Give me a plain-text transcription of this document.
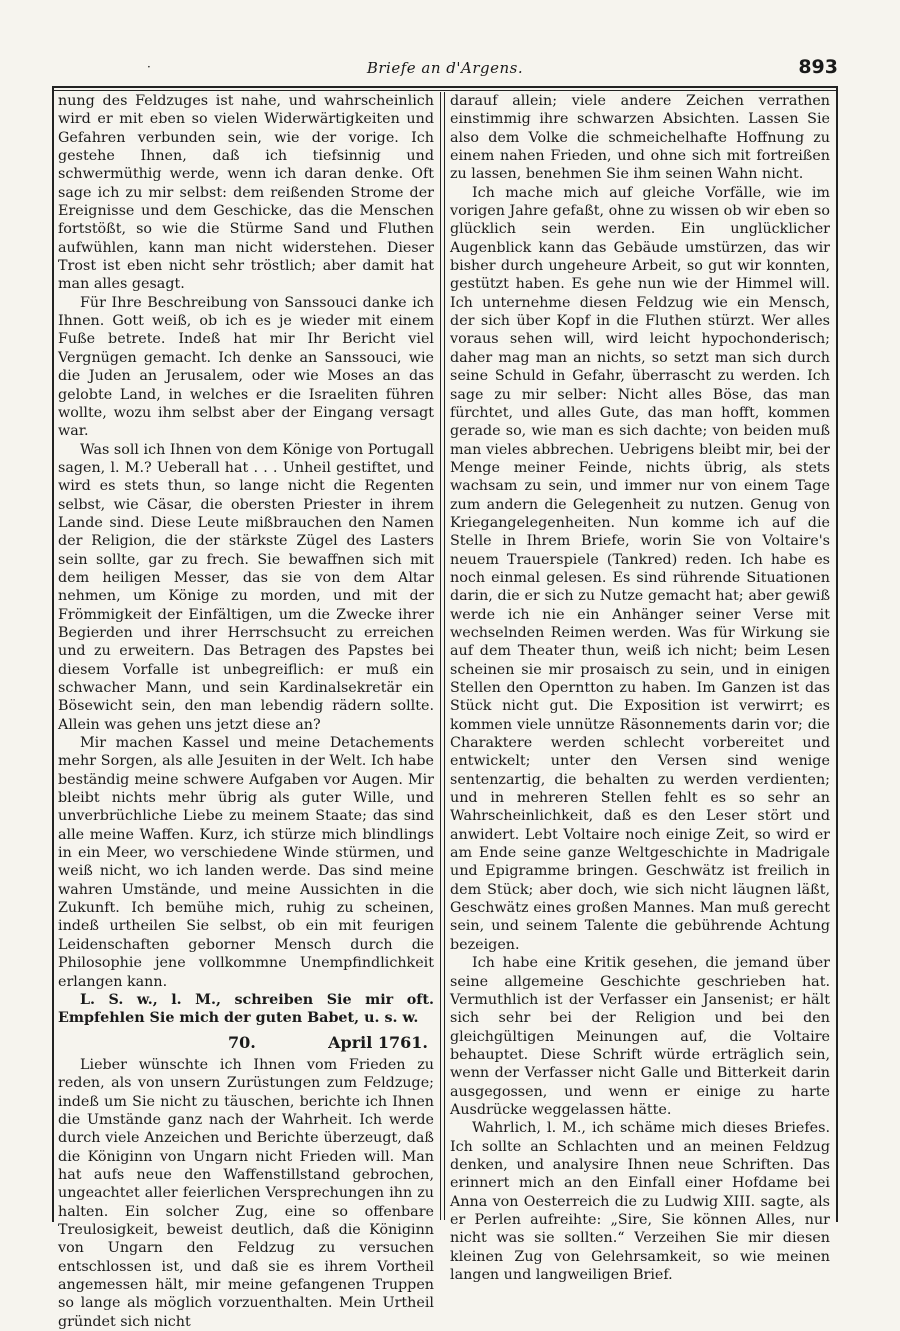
·	Briefe an d'Argens.	893

nung des Feldzuges ist nahe, und wahrscheinlich wird er mit eben so vielen Widerwärtigkeiten und Gefahren verbunden sein, wie der vorige. Ich gestehe Ihnen, daß ich tiefsinnig und schwermüthig werde, wenn ich daran denke. Oft sage ich zu mir selbst: dem reißenden Strome der Ereignisse und dem Geschicke, das die Menschen fortstößt, so wie die Stürme Sand und Fluthen aufwühlen, kann man nicht widerstehen. Dieser Trost ist eben nicht sehr tröstlich; aber damit hat man alles gesagt.

Für Ihre Beschreibung von Sanssouci danke ich Ihnen. Gott weiß, ob ich es je wieder mit einem Fuße betrete. Indeß hat mir Ihr Bericht viel Vergnügen gemacht. Ich denke an Sanssouci, wie die Juden an Jerusalem, oder wie Moses an das gelobte Land, in welches er die Israeliten führen wollte, wozu ihm selbst aber der Eingang versagt war.

Was soll ich Ihnen von dem Könige von Portugall sagen, l. M.? Ueberall hat . . . Unheil gestiftet, und wird es stets thun, so lange nicht die Regenten selbst, wie Cäsar, die obersten Priester in ihrem Lande sind. Diese Leute mißbrauchen den Namen der Religion, die der stärkste Zügel des Lasters sein sollte, gar zu frech. Sie bewaffnen sich mit dem heiligen Messer, das sie von dem Altar nehmen, um Könige zu morden, und mit der Frömmigkeit der Einfältigen, um die Zwecke ihrer Begierden und ihrer Herrschsucht zu erreichen und zu erweitern. Das Betragen des Papstes bei diesem Vorfalle ist unbegreiflich: er muß ein schwacher Mann, und sein Kardinalsekretär ein Bösewicht sein, den man lebendig rädern sollte. Allein was gehen uns jetzt diese an?

Mir machen Kassel und meine Detachements mehr Sorgen, als alle Jesuiten in der Welt. Ich habe beständig meine schwere Aufgaben vor Augen. Mir bleibt nichts mehr übrig als guter Wille, und unverbrüchliche Liebe zu meinem Staate; das sind alle meine Waffen. Kurz, ich stürze mich blindlings in ein Meer, wo verschiedene Winde stürmen, und weiß nicht, wo ich landen werde. Das sind meine wahren Umstände, und meine Aussichten in die Zukunft. Ich bemühe mich, ruhig zu scheinen, indeß urtheilen Sie selbst, ob ein mit feurigen Leidenschaften geborner Mensch durch die Philosophie jene vollkommne Unempfindlichkeit erlangen kann.

L. S. w., l. M., schreiben Sie mir oft. Empfehlen Sie mich der guten Babet, u. s. w.

70.	April 1761.

Lieber wünschte ich Ihnen vom Frieden zu reden, als von unsern Zurüstungen zum Feldzuge; indeß um Sie nicht zu täuschen, berichte ich Ihnen die Umstände ganz nach der Wahrheit. Ich werde durch viele Anzeichen und Berichte überzeugt, daß die Königinn von Ungarn nicht Frieden will. Man hat aufs neue den Waffenstillstand gebrochen, ungeachtet aller feierlichen Versprechungen ihn zu halten. Ein solcher Zug, eine so offenbare Treulosigkeit, beweist deutlich, daß die Königinn von Ungarn den Feldzug zu versuchen entschlossen ist, und daß sie es ihrem Vortheil angemessen hält, mir meine gefangenen Truppen so lange als möglich vorzuenthalten. Mein Urtheil gründet sich nicht

darauf allein; viele andere Zeichen verrathen einstimmig ihre schwarzen Absichten. Lassen Sie also dem Volke die schmeichelhafte Hoffnung zu einem nahen Frieden, und ohne sich mit fortreißen zu lassen, benehmen Sie ihm seinen Wahn nicht.

Ich mache mich auf gleiche Vorfälle, wie im vorigen Jahre gefaßt, ohne zu wissen ob wir eben so glücklich sein werden. Ein unglücklicher Augenblick kann das Gebäude umstürzen, das wir bisher durch ungeheure Arbeit, so gut wir konnten, gestützt haben. Es gehe nun wie der Himmel will. Ich unternehme diesen Feldzug wie ein Mensch, der sich über Kopf in die Fluthen stürzt. Wer alles voraus sehen will, wird leicht hypochonderisch; daher mag man an nichts, so setzt man sich durch seine Schuld in Gefahr, überrascht zu werden. Ich sage zu mir selber: Nicht alles Böse, das man fürchtet, und alles Gute, das man hofft, kommen gerade so, wie man es sich dachte; von beiden muß man vieles abbrechen. Uebrigens bleibt mir, bei der Menge meiner Feinde, nichts übrig, als stets wachsam zu sein, und immer nur von einem Tage zum andern die Gelegenheit zu nutzen. Genug von Kriegangelegenheiten. Nun komme ich auf die Stelle in Ihrem Briefe, worin Sie von Voltaire's neuem Trauerspiele (Tankred) reden. Ich habe es noch einmal gelesen. Es sind rührende Situationen darin, die er sich zu Nutze gemacht hat; aber gewiß werde ich nie ein Anhänger seiner Verse mit wechselnden Reimen werden. Was für Wirkung sie auf dem Theater thun, weiß ich nicht; beim Lesen scheinen sie mir prosaisch zu sein, und in einigen Stellen den Operntton zu haben. Im Ganzen ist das Stück nicht gut. Die Exposition ist verwirrt; es kommen viele unnütze Räsonnements darin vor; die Charaktere werden schlecht vorbereitet und entwickelt; unter den Versen sind wenige sentenzartig, die behalten zu werden verdienten; und in mehreren Stellen fehlt es so sehr an Wahrscheinlichkeit, daß es den Leser stört und anwidert. Lebt Voltaire noch einige Zeit, so wird er am Ende seine ganze Weltgeschichte in Madrigale und Epigramme bringen. Geschwätz ist freilich in dem Stück; aber doch, wie sich nicht läugnen läßt, Geschwätz eines großen Mannes. Man muß gerecht sein, und seinem Talente die gebührende Achtung bezeigen.

Ich habe eine Kritik gesehen, die jemand über seine allgemeine Geschichte geschrieben hat. Vermuthlich ist der Verfasser ein Jansenist; er hält sich sehr bei der Religion und bei den gleichgültigen Meinungen auf, die Voltaire behauptet. Diese Schrift würde erträglich sein, wenn der Verfasser nicht Galle und Bitterkeit darin ausgegossen, und wenn er einige zu harte Ausdrücke weggelassen hätte.

Wahrlich, l. M., ich schäme mich dieses Briefes. Ich sollte an Schlachten und an meinen Feldzug denken, und analysire Ihnen neue Schriften. Das erinnert mich an den Einfall einer Hofdame bei Anna von Oesterreich die zu Ludwig XIII. sagte, als er Perlen aufreihte: „Sire, Sie können Alles, nur nicht was sie sollten.“ Verzeihen Sie mir diesen kleinen Zug von Gelehrsamkeit, so wie meinen langen und langweiligen Brief.
